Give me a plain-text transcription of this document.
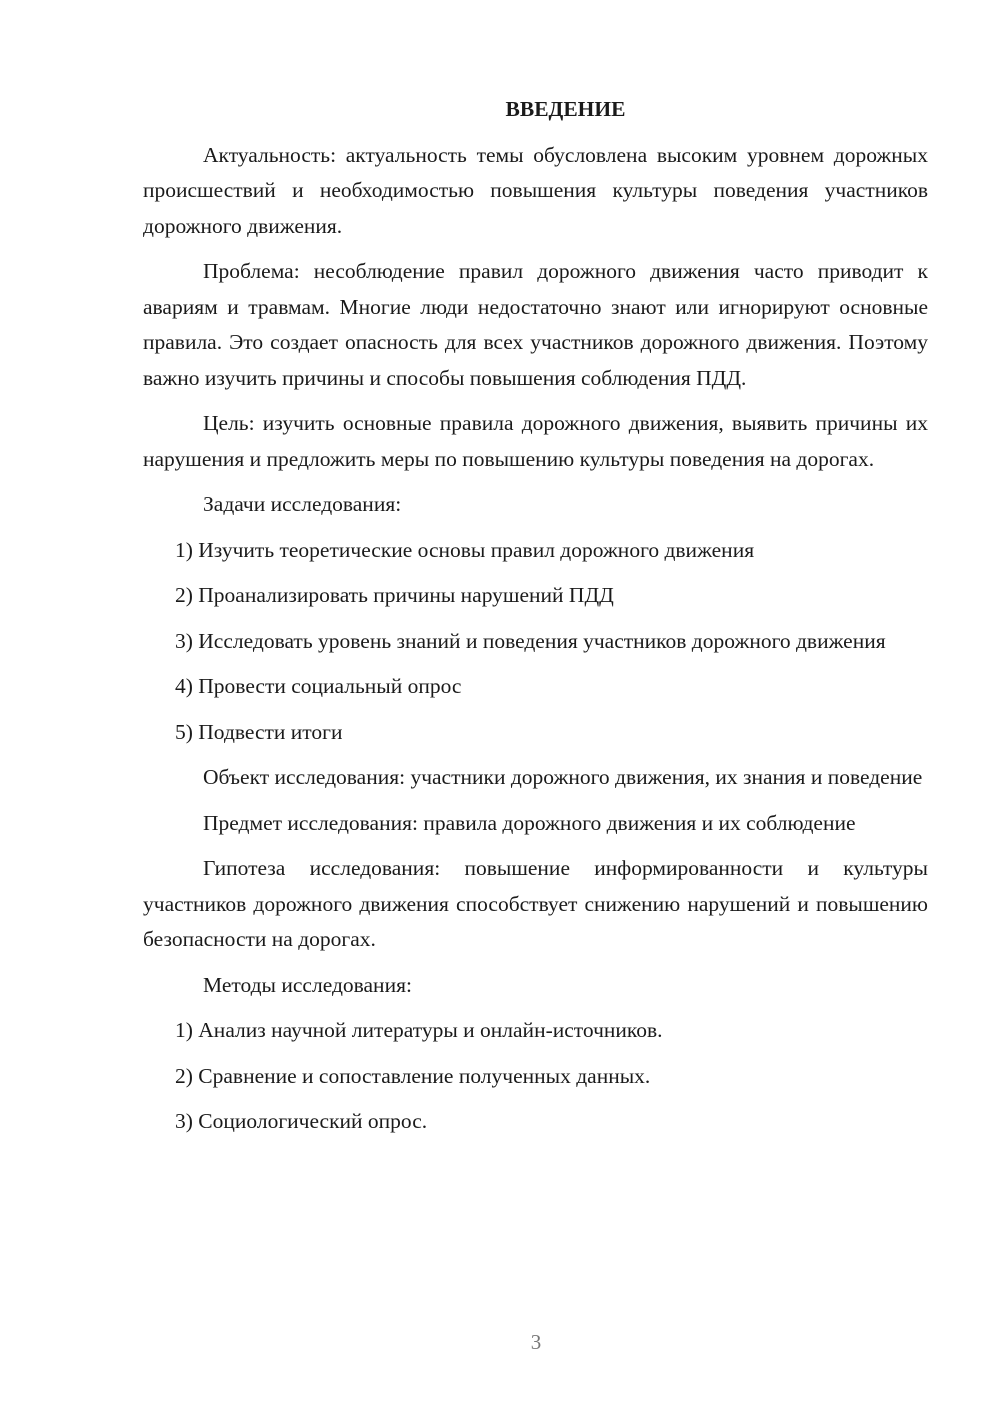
ВВЕДЕНИЕ

Актуальность: актуальность темы обусловлена высоким уровнем дорожных происшествий и необходимостью повышения культуры поведения участников дорожного движения.

Проблема: несоблюдение правил дорожного движения часто приводит к авариям и травмам. Многие люди недостаточно знают или игнорируют основные правила. Это создает опасность для всех участников дорожного движения. Поэтому важно изучить причины и способы повышения соблюдения ПДД.

Цель: изучить основные правила дорожного движения, выявить причины их нарушения и предложить меры по повышению культуры поведения на дорогах.

Задачи исследования:

1) Изучить теоретические основы правил дорожного движения

2) Проанализировать причины нарушений ПДД

3) Исследовать уровень знаний и поведения участников дорожного движения

4) Провести социальный опрос

5) Подвести итоги

Объект исследования: участники дорожного движения, их знания и поведение

Предмет исследования: правила дорожного движения и их соблюдение

Гипотеза исследования: повышение информированности и культуры участников дорожного движения способствует снижению нарушений и повышению безопасности на дорогах.

Методы исследования:

1) Анализ научной литературы и онлайн-источников.

2) Сравнение и сопоставление полученных данных.

3) Социологический опрос.

3
